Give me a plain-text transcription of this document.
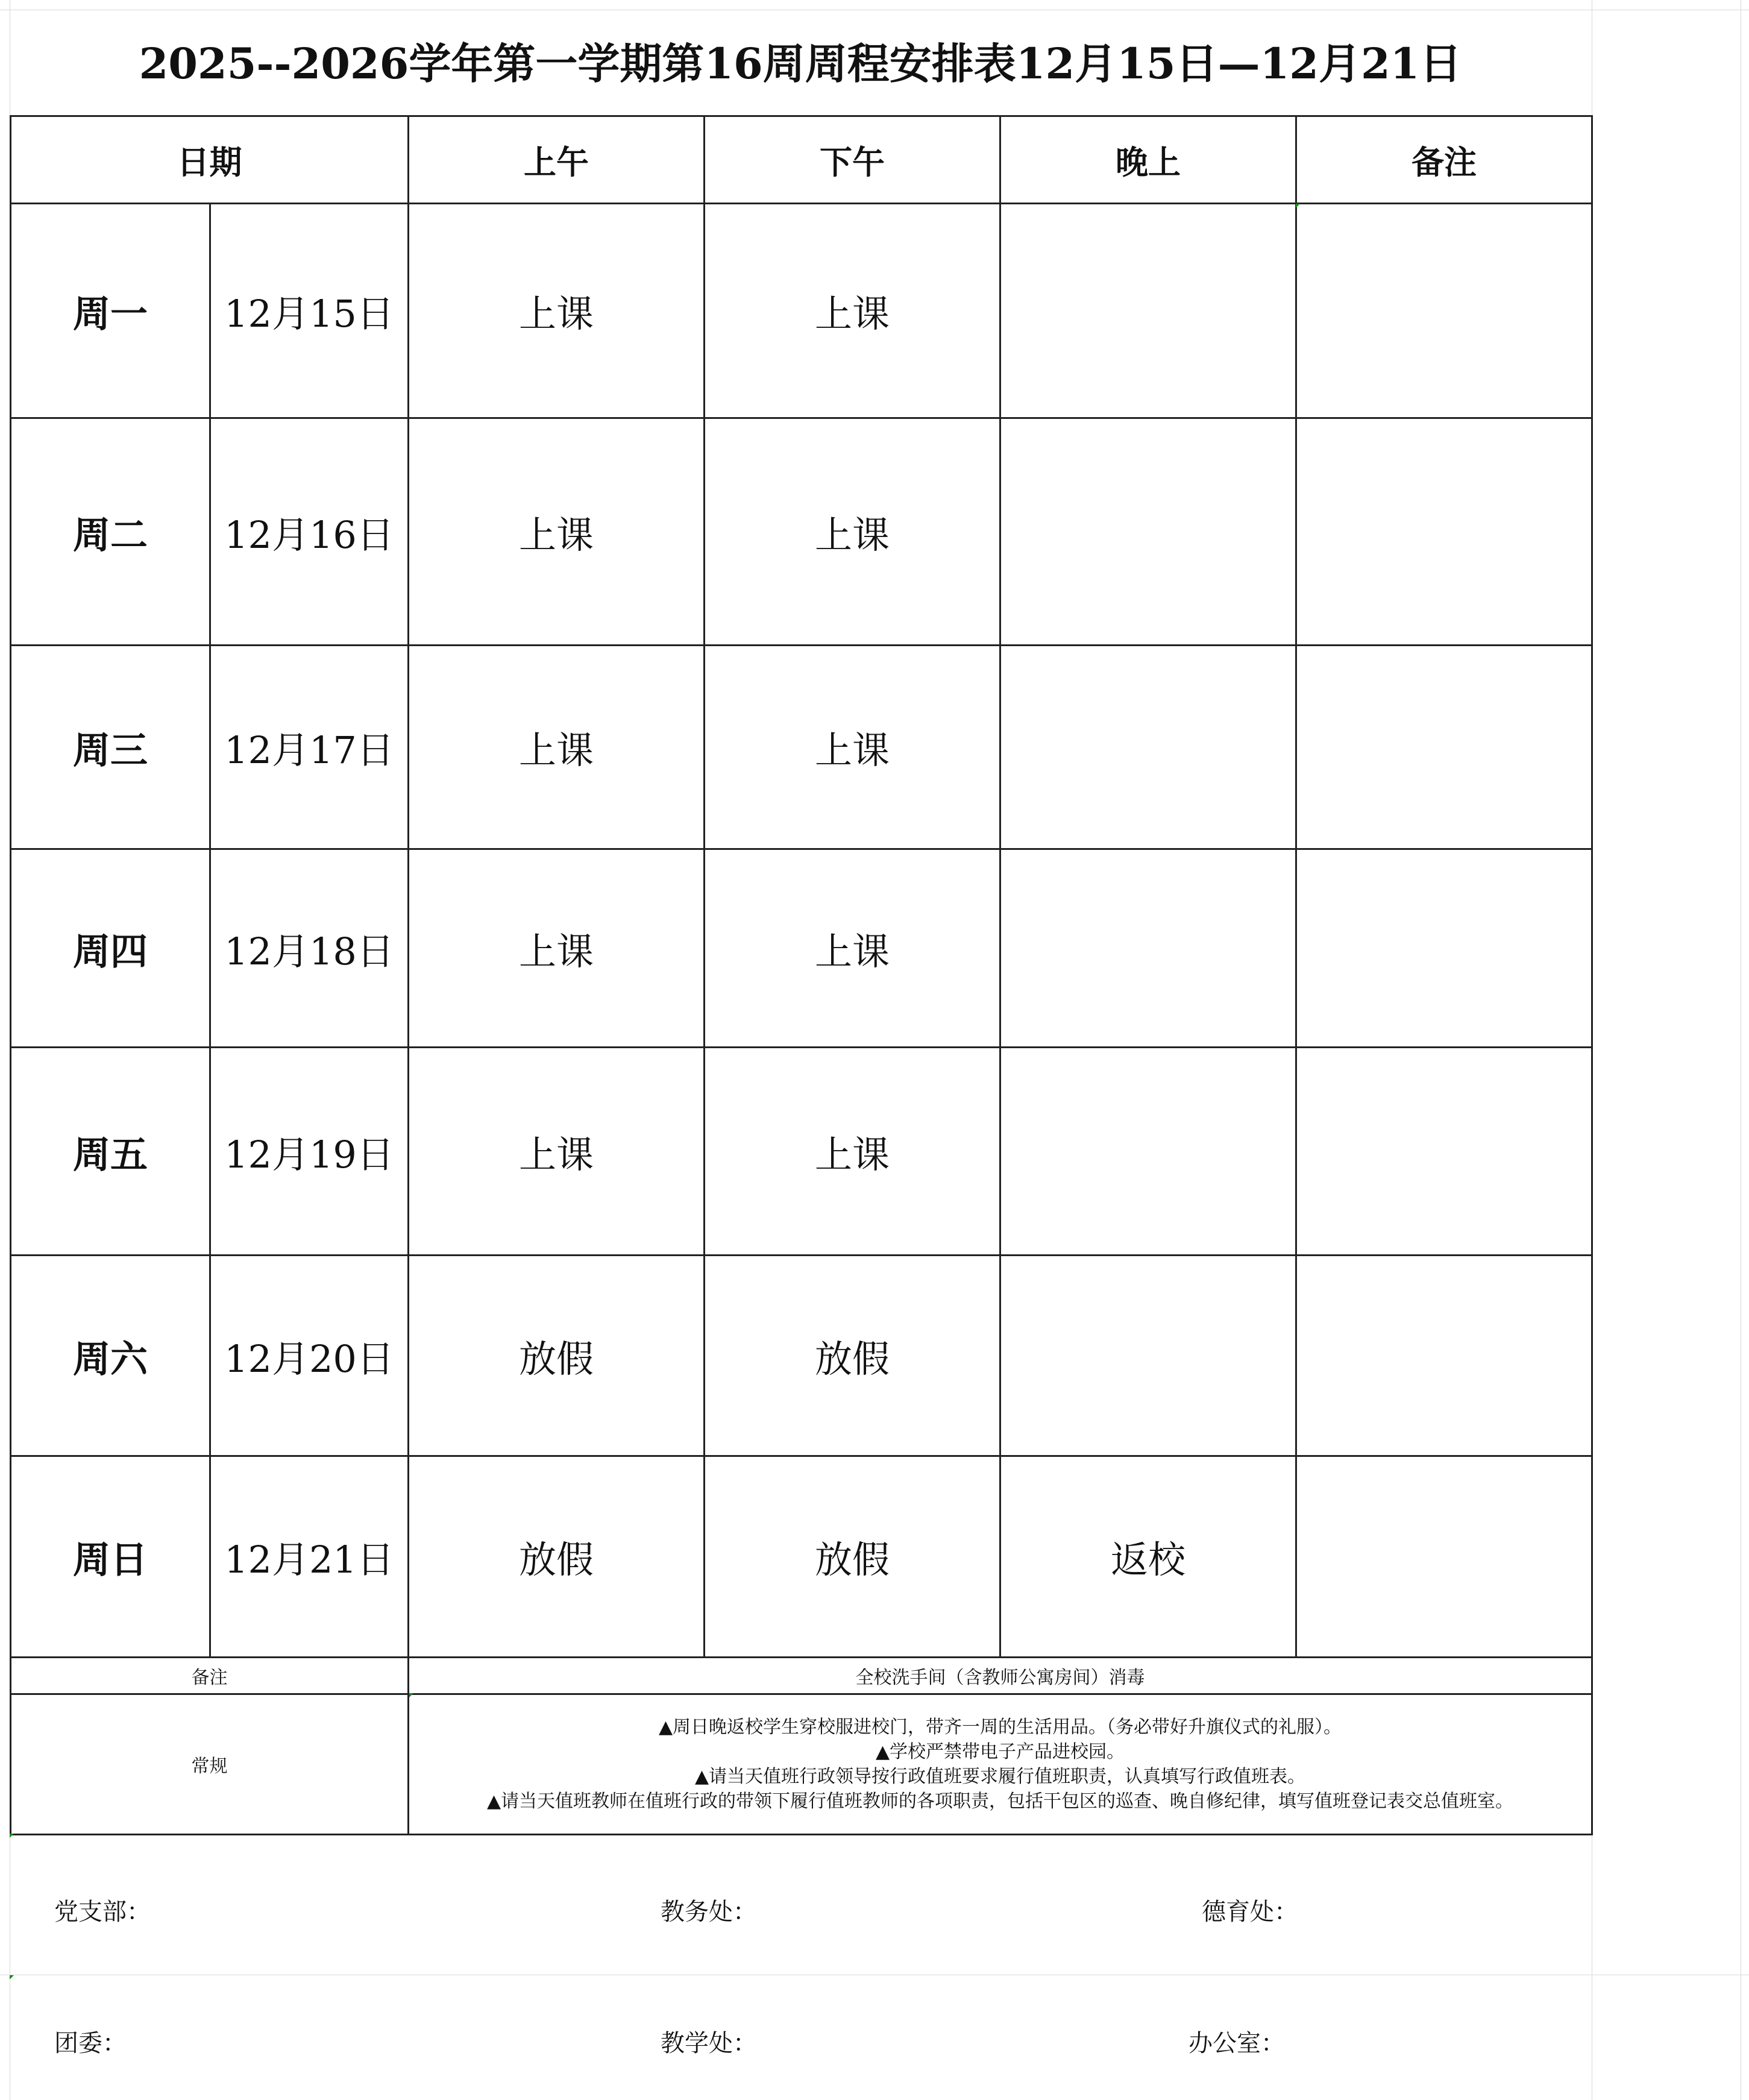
2025--2026学年第一学期第16周周程安排表12月15日—12月21日
日期		上午	下午	晚上	备注
周一	12月15日	上课	上课		
周二	12月16日	上课	上课		
周三	12月17日	上课	上课		
周四	12月18日	上课	上课		
周五	12月19日	上课	上课		
周六	12月20日	放假	放假		
周日	12月21日	放假	放假	返校	
备注		全校洗手间（含教师公寓房间）消毒			
常规		▲周日晚返校学生穿校服进校门，带齐一周的生活用品。（务必带好升旗仪式的礼服）。
▲学校严禁带电子产品进校园。
▲请当天值班行政领导按行政值班要求履行值班职责，认真填写行政值班表。
▲请当天值班教师在值班行政的带领下履行值班教师的各项职责，包括干包区的巡查、晚自修纪律，填写值班登记表交总值班室。			
党支部：	教务处：	德育处：
团委：	教学处：	办公室：
